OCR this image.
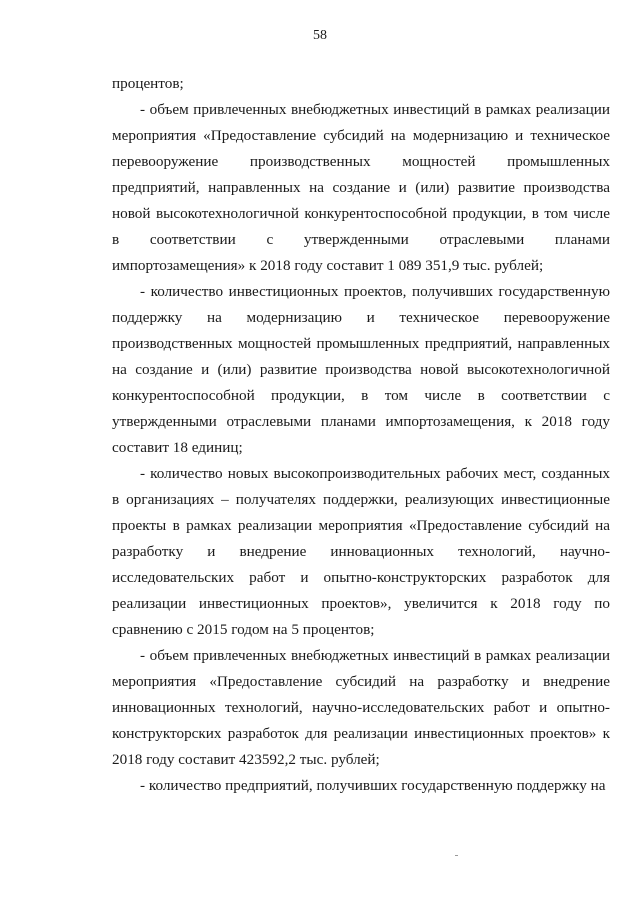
58

процентов;

- объем привлеченных внебюджетных инвестиций в рамках реализации мероприятия «Предоставление субсидий на модернизацию и техническое перевооружение производственных мощностей промышленных предприятий, направленных на создание и (или) развитие производства новой высокотехнологичной конкурентоспособной продукции, в том числе в соответствии с утвержденными отраслевыми планами импортозамещения» к 2018 году составит 1 089 351,9 тыс. рублей;

- количество инвестиционных проектов, получивших государственную поддержку на модернизацию и техническое перевооружение производственных мощностей промышленных предприятий, направленных на создание и (или) развитие производства новой высокотехнологичной конкурентоспособной продукции, в том числе в соответствии с утвержденными отраслевыми планами импортозамещения, к 2018 году составит 18 единиц;

- количество новых высокопроизводительных рабочих мест, созданных в организациях – получателях поддержки, реализующих инвестиционные проекты в рамках реализации мероприятия «Предоставление субсидий на разработку и внедрение инновационных технологий, научно-исследовательских работ и опытно-конструкторских разработок для реализации инвестиционных проектов», увеличится к 2018 году по сравнению с 2015 годом на 5 процентов;

- объем привлеченных внебюджетных инвестиций в рамках реализации мероприятия «Предоставление субсидий на разработку и внедрение инновационных технологий, научно-исследовательских работ и опытно-конструкторских разработок для реализации инвестиционных проектов» к 2018 году составит 423592,2 тыс. рублей;

- количество предприятий, получивших государственную поддержку на
